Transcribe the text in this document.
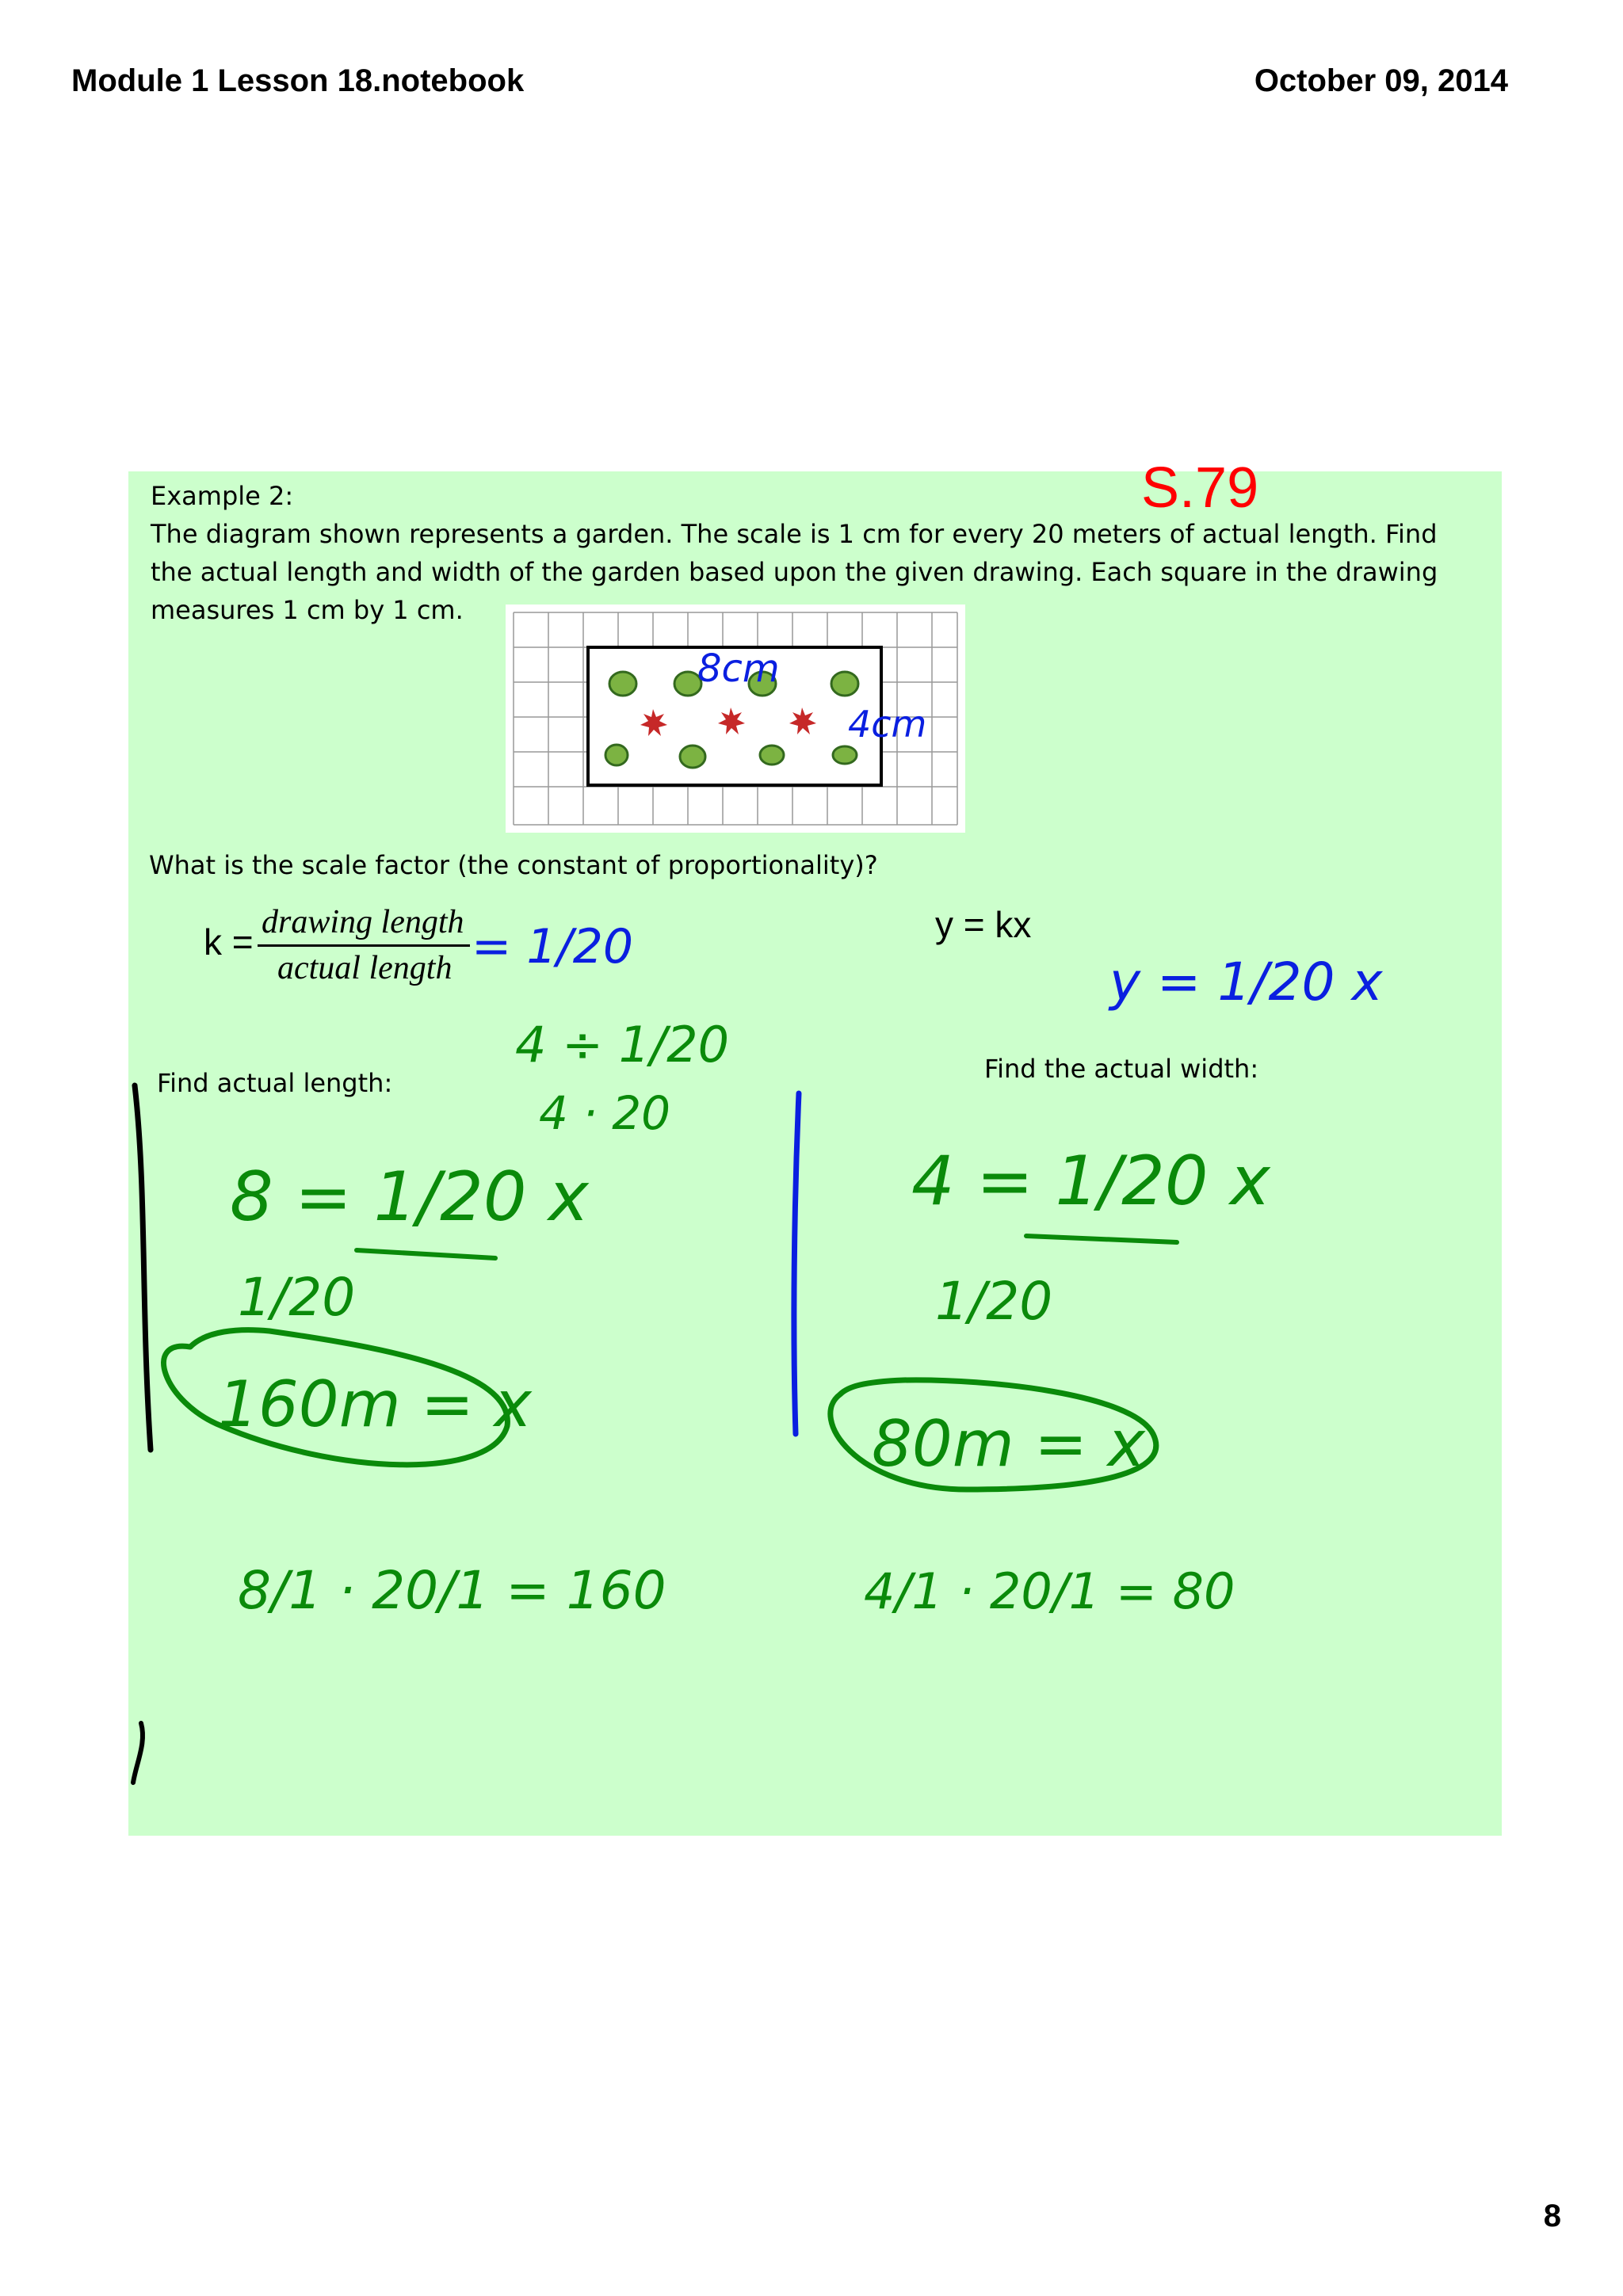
Module 1 Lesson 18.notebook	October 09, 2014
Example 2:	S.79
The diagram shown represents a garden. The scale is 1 cm for every 20 meters of actual length. Find the actual length and width of the garden based upon the given drawing. Each square in the drawing measures 1 cm by 1 cm.
What is the scale factor (the constant of proportionality)?
k = drawing length
actual length
y = kx
Find actual length:	Find the actual width:
8cm
4cm
= 1/20
y = 1/20 x
4 ÷ 1/20
4 · 20
8 = 1/20 x
1/20
160m = x
8/1 · 20/1 = 160
4 = 1/20 x
1/20
80m = x
4/1 · 20/1 = 80
8
